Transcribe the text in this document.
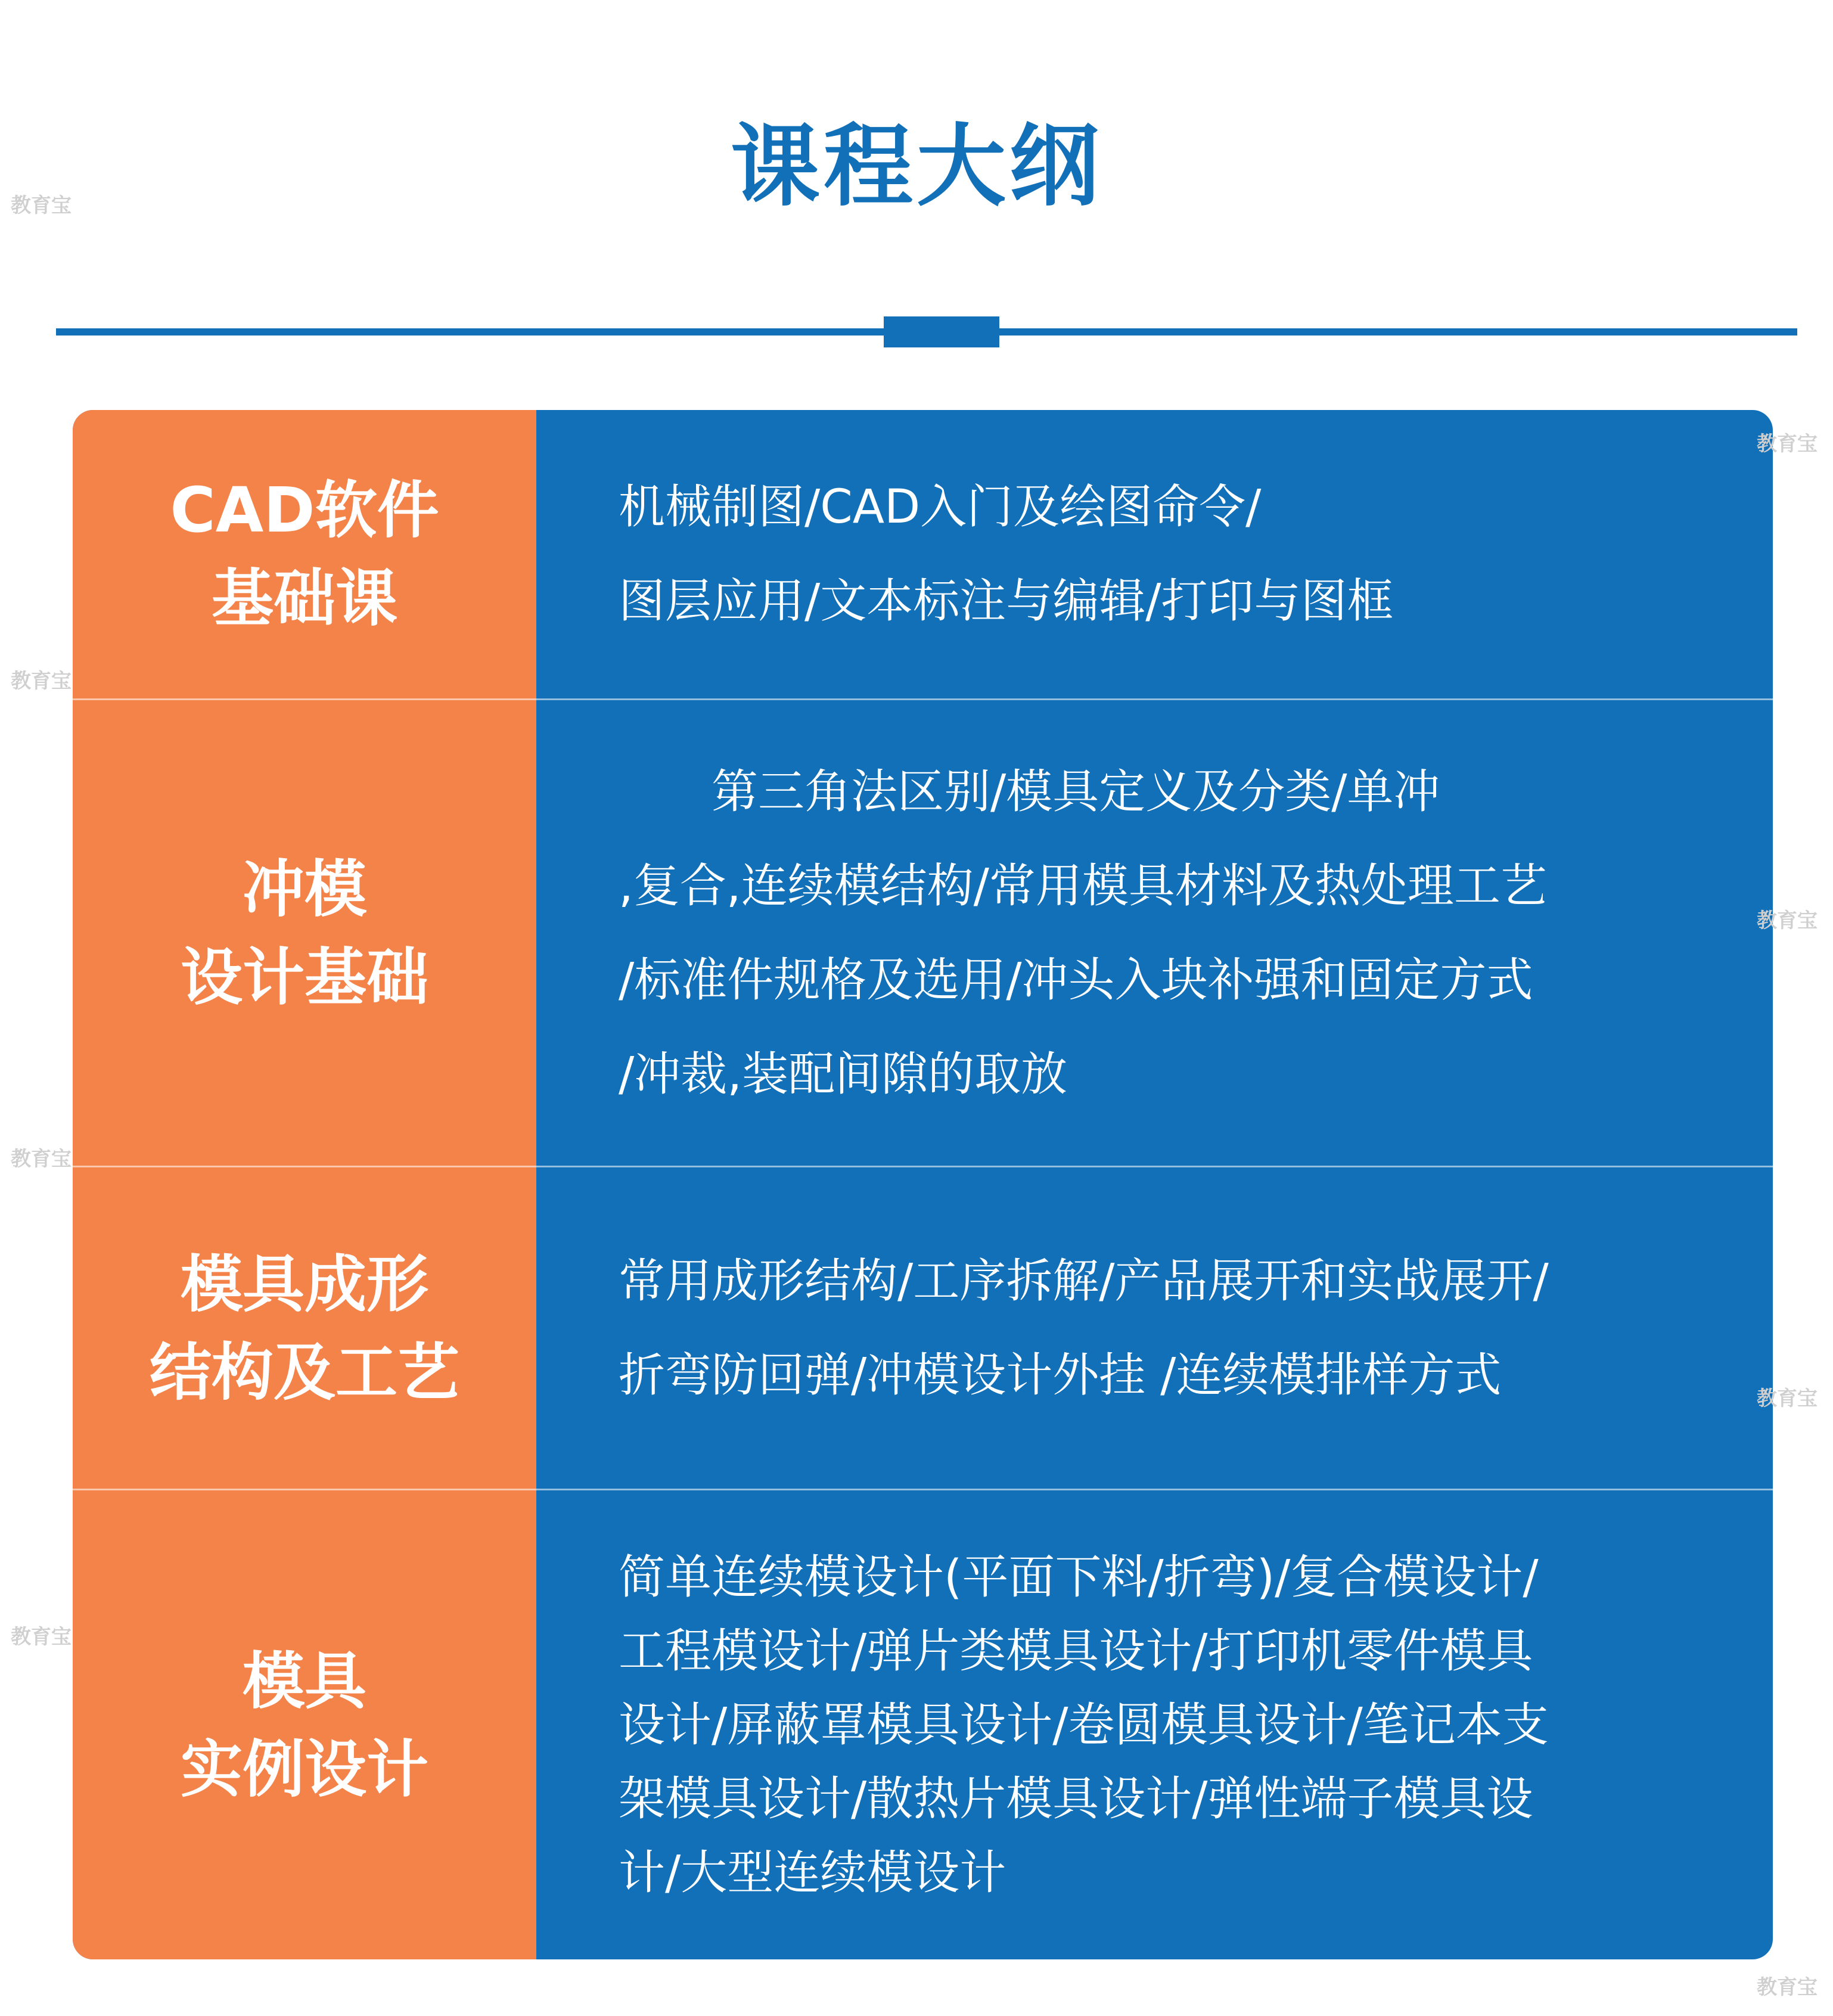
课程大纲
CAD软件
基础课
机械制图/CAD入门及绘图命令/
图层应用/文本标注与编辑/打印与图框
冲模
设计基础
　　第三角法区别/模具定义及分类/单冲
,复合,连续模结构/常用模具材料及热处理工艺
/标准件规格及选用/冲头入块补强和固定方式
/冲裁,装配间隙的取放
模具成形
结构及工艺
常用成形结构/工序拆解/产品展开和实战展开/
折弯防回弹/冲模设计外挂 /连续模排样方式
模具
实例设计
简单连续模设计(平面下料/折弯)/复合模设计/
工程模设计/弹片类模具设计/打印机零件模具
设计/屏蔽罩模具设计/卷圆模具设计/笔记本支
架模具设计/散热片模具设计/弹性端子模具设
计/大型连续模设计
教育宝
教育宝
教育宝
教育宝
教育宝
教育宝
教育宝
教育宝
